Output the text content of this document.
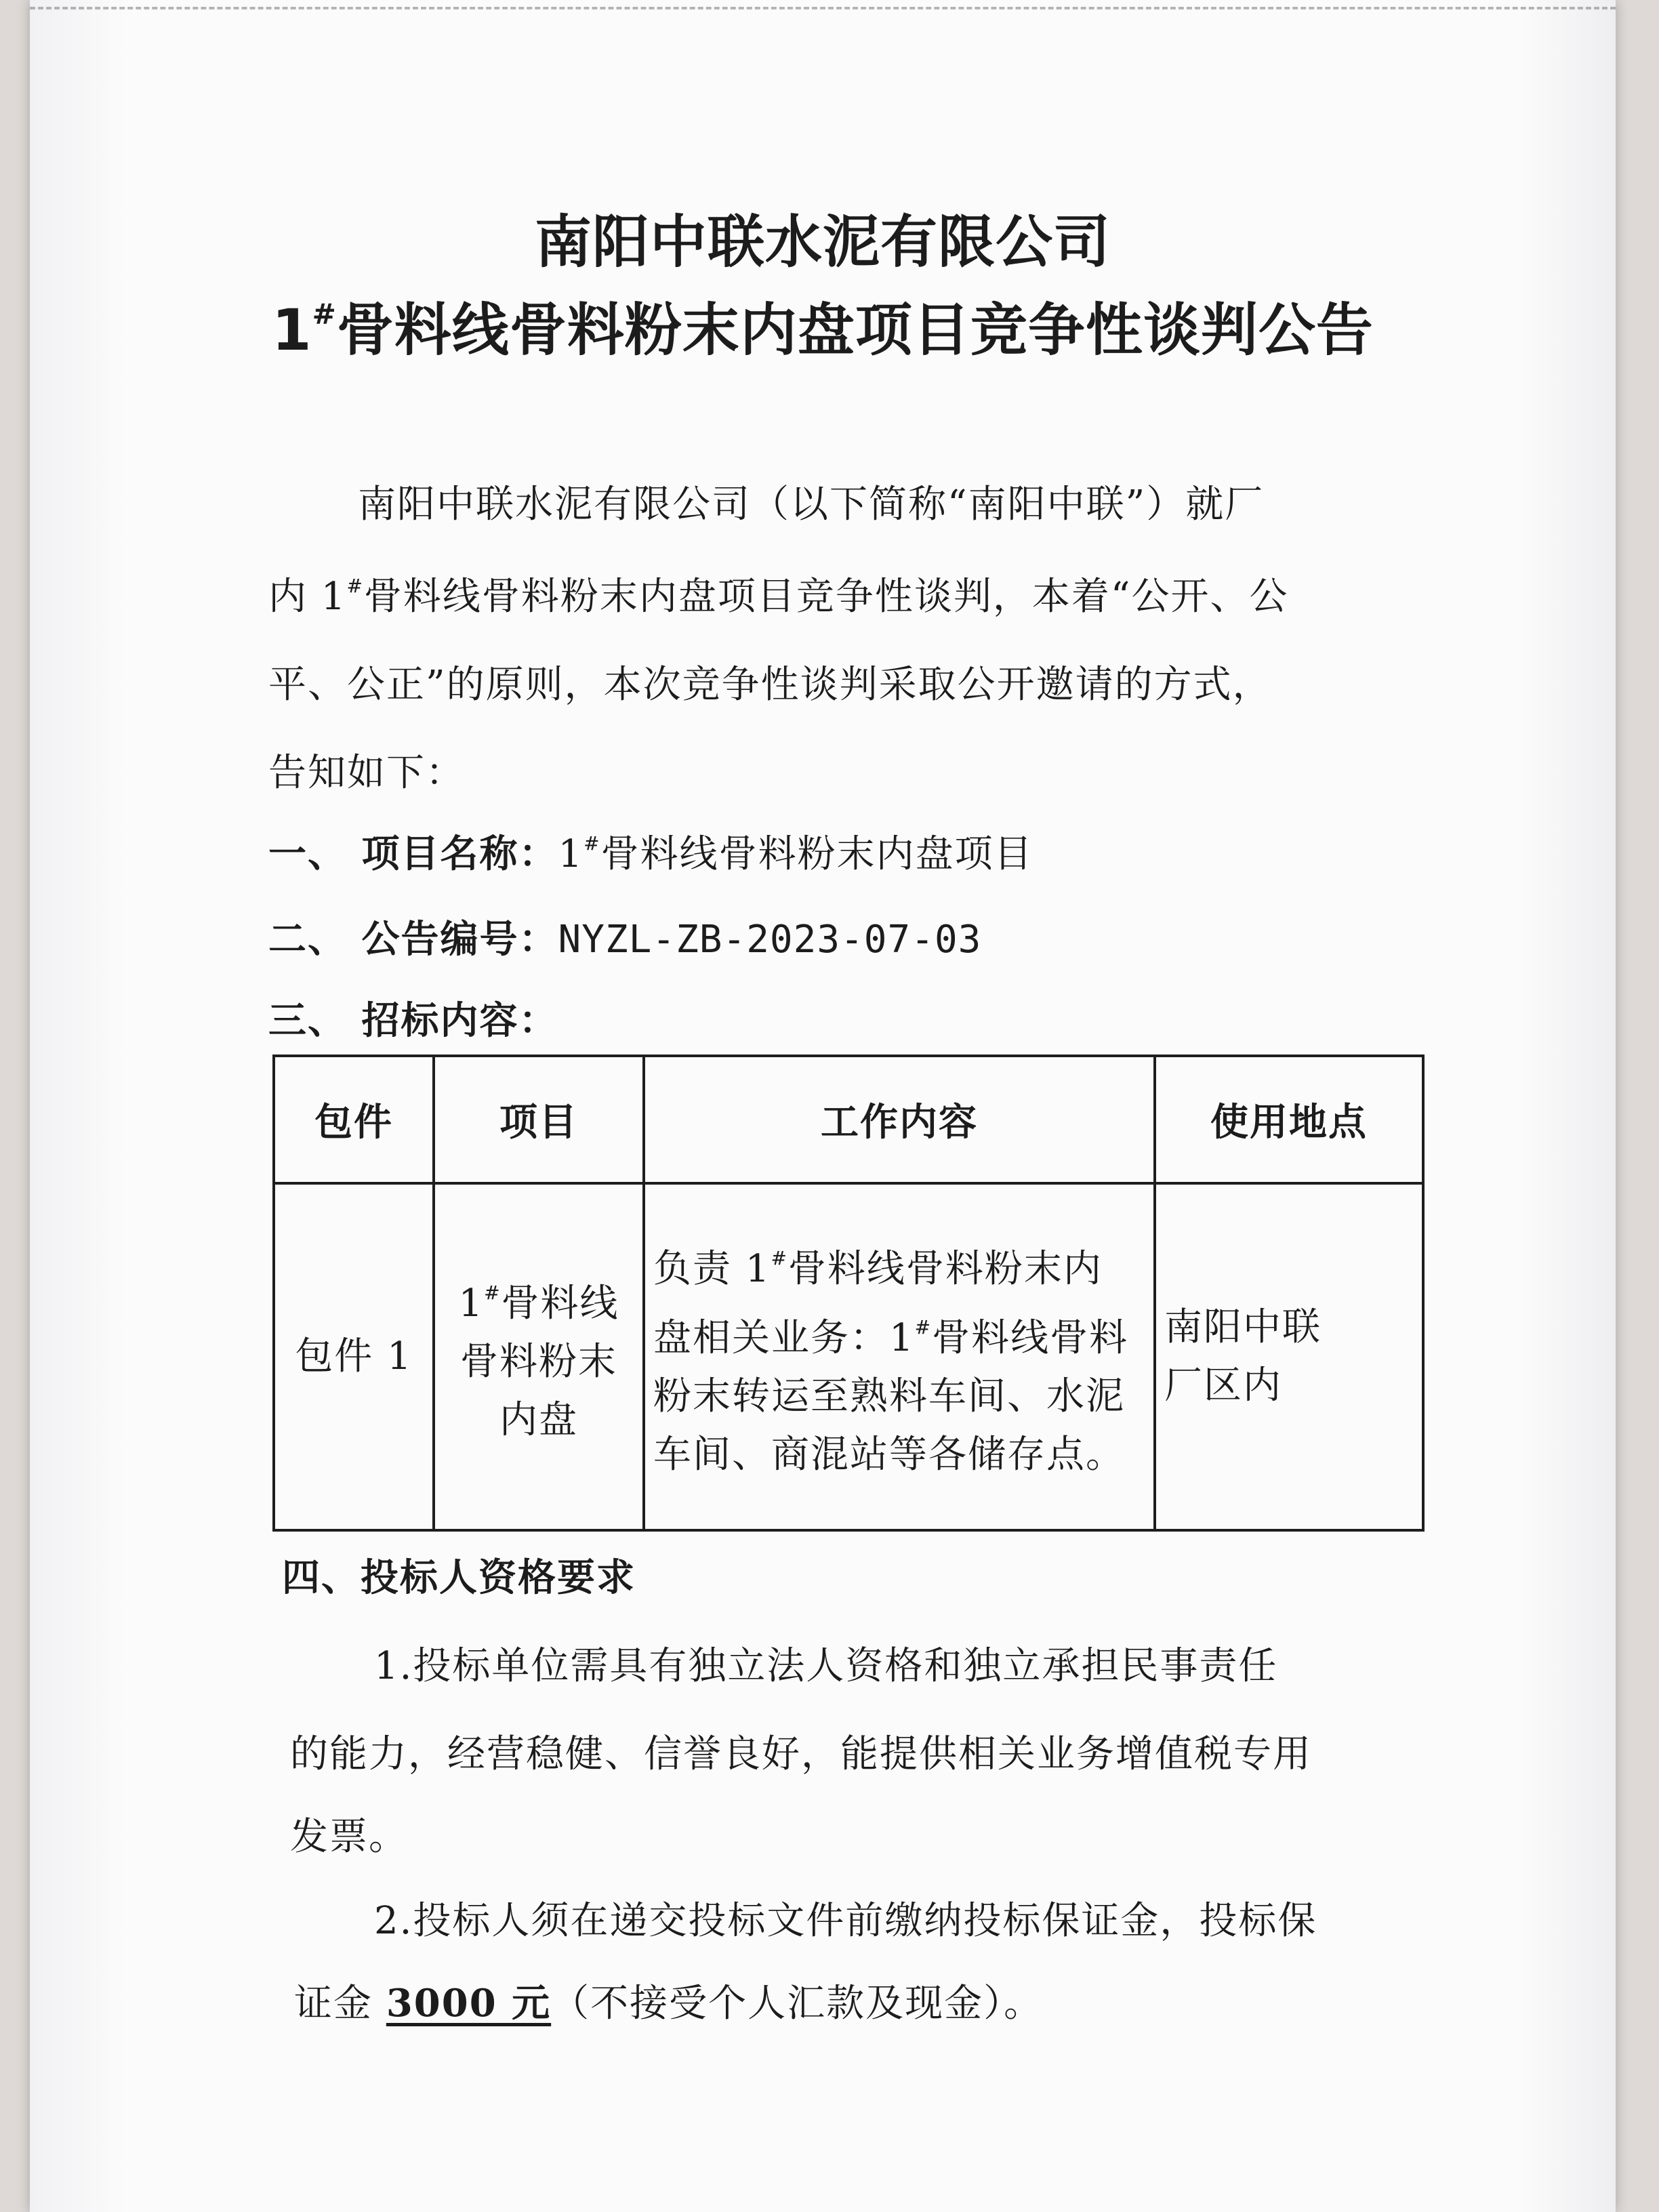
南阳中联水泥有限公司
1#骨料线骨料粉末内盘项目竞争性谈判公告
南阳中联水泥有限公司（以下简称“南阳中联”）就厂
内 1#骨料线骨料粉末内盘项目竞争性谈判，本着“公开、公
平、公正”的原则，本次竞争性谈判采取公开邀请的方式，
告知如下：
一、 项目名称：1#骨料线骨料粉末内盘项目
二、 公告编号：NYZL-ZB-2023-07-03
三、 招标内容：
包件	项目	工作内容	使用地点
包件 1	1#骨料线
骨料粉末
内盘	负责 1#骨料线骨料粉末内
盘相关业务：1#骨料线骨料
粉末转运至熟料车间、水泥
车间、商混站等各储存点。	南阳中联
厂区内
四、投标人资格要求
1.投标单位需具有独立法人资格和独立承担民事责任
的能力，经营稳健、信誉良好，能提供相关业务增值税专用
发票。
2.投标人须在递交投标文件前缴纳投标保证金，投标保
证金 3000 元（不接受个人汇款及现金）。
